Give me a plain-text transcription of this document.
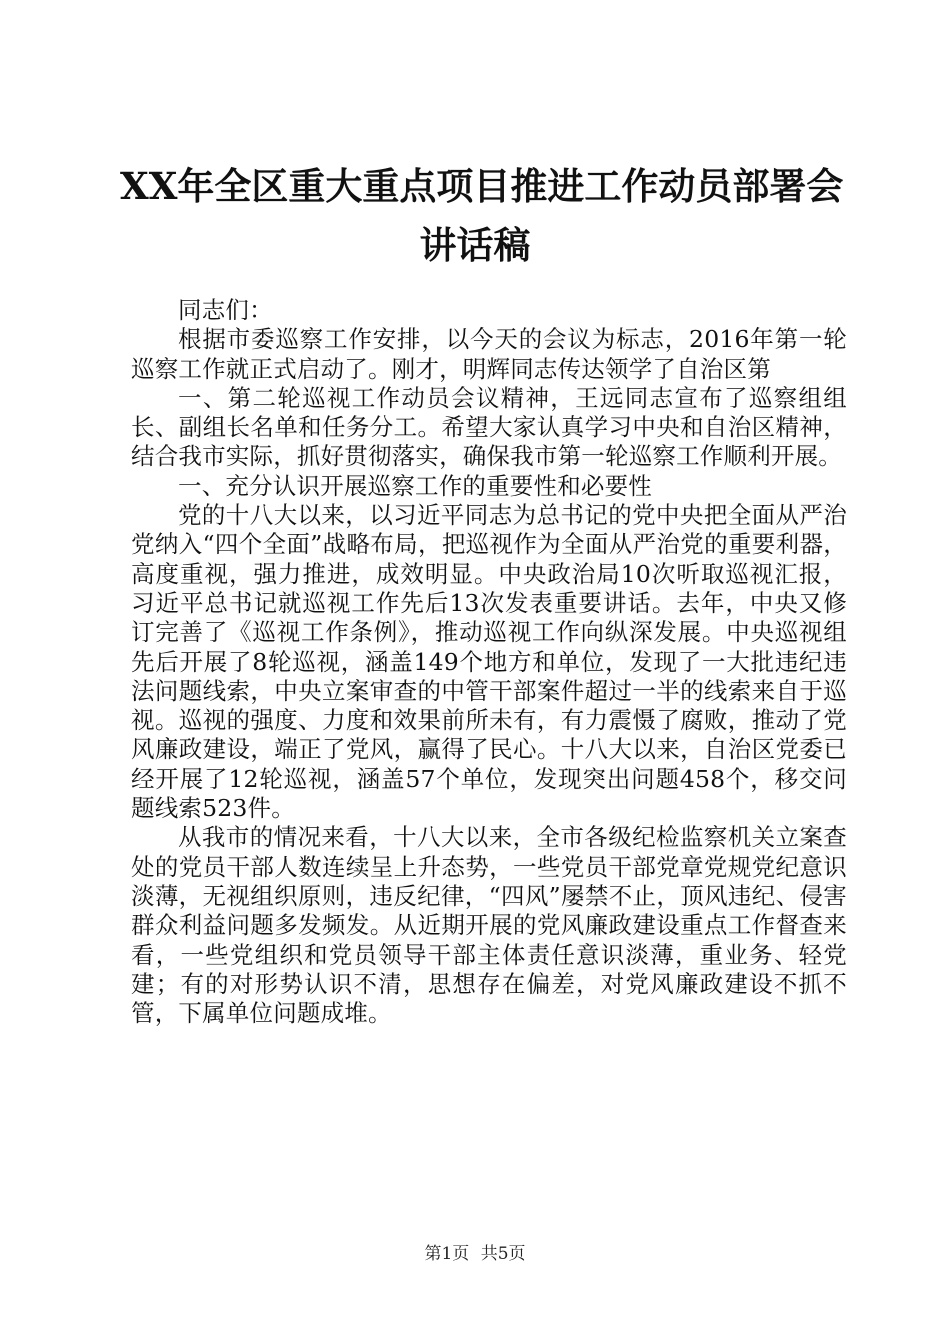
XX年全区重大重点项目推进工作动员部署会

讲话稿

同志们：

根据市委巡察工作安排，以今天的会议为标志，2016年第一轮巡察工作就正式启动了。刚才，明辉同志传达领学了自治区第

一、第二轮巡视工作动员会议精神，王远同志宣布了巡察组组长、副组长名单和任务分工。希望大家认真学习中央和自治区精神，结合我市实际，抓好贯彻落实，确保我市第一轮巡察工作顺利开展。

一、充分认识开展巡察工作的重要性和必要性

党的十八大以来，以习近平同志为总书记的党中央把全面从严治党纳入“四个全面”战略布局，把巡视作为全面从严治党的重要利器，高度重视，强力推进，成效明显。中央政治局10次听取巡视汇报，习近平总书记就巡视工作先后13次发表重要讲话。去年，中央又修订完善了《巡视工作条例》，推动巡视工作向纵深发展。中央巡视组先后开展了8轮巡视，涵盖149个地方和单位，发现了一大批违纪违法问题线索，中央立案审查的中管干部案件超过一半的线索来自于巡视。巡视的强度、力度和效果前所未有，有力震慑了腐败，推动了党风廉政建设，端正了党风，赢得了民心。十八大以来，自治区党委已经开展了12轮巡视，涵盖57个单位，发现突出问题458个，移交问题线索523件。

从我市的情况来看，十八大以来，全市各级纪检监察机关立案查处的党员干部人数连续呈上升态势，一些党员干部党章党规党纪意识淡薄，无视组织原则，违反纪律，“四风”屡禁不止，顶风违纪、侵害群众利益问题多发频发。从近期开展的党风廉政建设重点工作督查来看，一些党组织和党员领导干部主体责任意识淡薄，重业务、轻党建；有的对形势认识不清，思想存在偏差，对党风廉政建设不抓不管，下属单位问题成堆。

第1页 共5页
